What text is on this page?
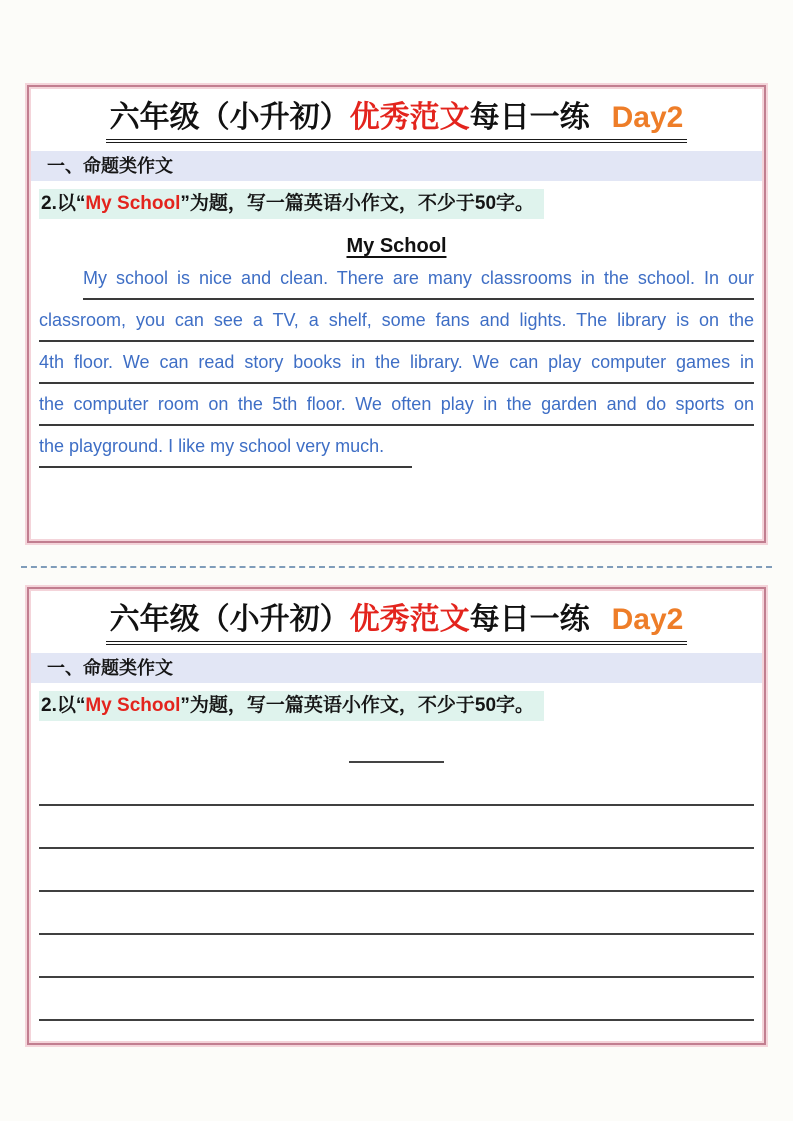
六年级（小升初）优秀范文每日一练 Day2
一、命题类作文
2.以“My School”为题，写一篇英语小作文，不少于50字。
My School
My school is nice and clean. There are many classrooms in the school. In our
classroom, you can see a TV, a shelf, some fans and lights. The library is on the
4th floor. We can read story books in the library. We can play computer games in
the computer room on the 5th floor. We often play in the garden and do sports on
the playground. I like my school very much.
六年级（小升初）优秀范文每日一练 Day2
一、命题类作文
2.以“My School”为题，写一篇英语小作文，不少于50字。
